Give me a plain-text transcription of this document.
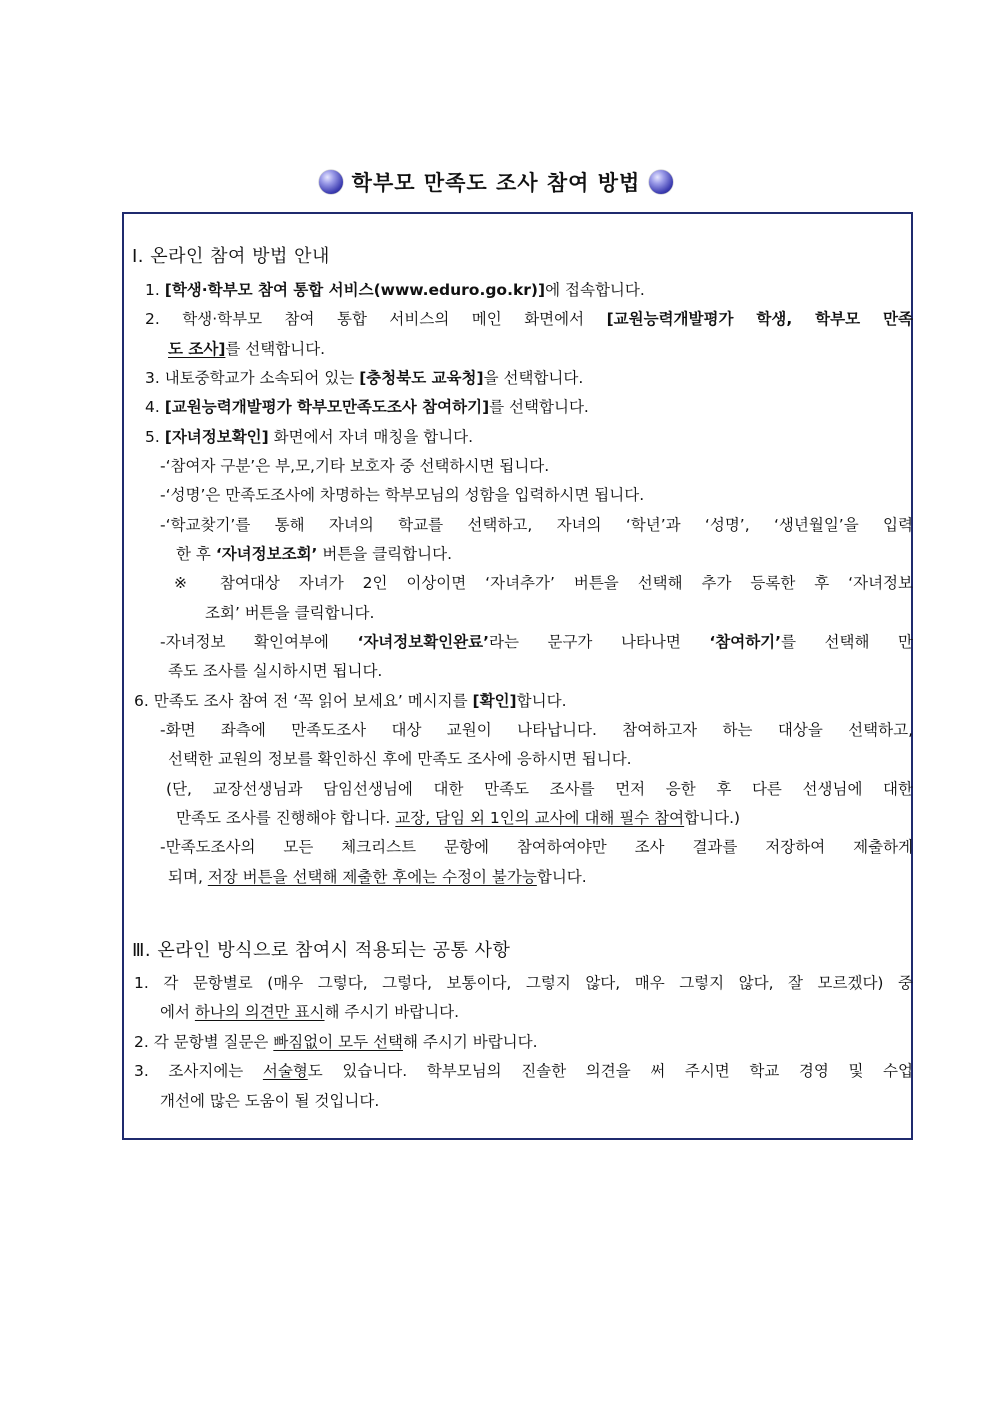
학부모 만족도 조사 참여 방법
Ⅰ. 온라인 참여 방법 안내
1. [학생·학부모 참여 통합 서비스(www.eduro.go.kr)]에 접속합니다.
2. 학생·학부모 참여 통합 서비스의 메인 화면에서 [교원능력개발평가 학생, 학부모 만족
도 조사]를 선택합니다.
3. 내토중학교가 소속되어 있는 [충청북도 교육청]을 선택합니다.
4. [교원능력개발평가 학부모만족도조사 참여하기]를 선택합니다.
5. [자녀정보확인] 화면에서 자녀 매칭을 합니다.
-‘참여자 구분’은 부,모,기타 보호자 중 선택하시면 됩니다.
-‘성명’은 만족도조사에 차명하는 학부모님의 성함을 입력하시면 됩니다.
-‘학교찾기’를 통해 자녀의 학교를 선택하고, 자녀의 ‘학년’과 ‘성명’, ‘생년월일’을 입력
한 후 ‘자녀정보조회’ 버튼을 클릭합니다.
※ 참여대상 자녀가 2인 이상이면 ‘자녀추가’ 버튼을 선택해 추가 등록한 후 ‘자녀정보
조회’ 버튼을 클릭합니다.
-자녀정보 확인여부에 ‘자녀정보확인완료’라는 문구가 나타나면 ‘참여하기’를 선택해 만
족도 조사를 실시하시면 됩니다.
6. 만족도 조사 참여 전 ‘꼭 읽어 보세요’ 메시지를 [확인]합니다.
-화면 좌측에 만족도조사 대상 교원이 나타납니다. 참여하고자 하는 대상을 선택하고,
선택한 교원의 정보를 확인하신 후에 만족도 조사에 응하시면 됩니다.
(단, 교장선생님과 담임선생님에 대한 만족도 조사를 먼저 응한 후 다른 선생님에 대한
만족도 조사를 진행해야 합니다. 교장, 담임 외 1인의 교사에 대해 필수 참여합니다.)
-만족도조사의 모든 체크리스트 문항에 참여하여야만 조사 결과를 저장하여 제출하게
되며, 저장 버튼을 선택해 제출한 후에는 수정이 불가능합니다.
Ⅲ. 온라인 방식으로 참여시 적용되는 공통 사항
1. 각 문항별로 (매우 그렇다, 그렇다, 보통이다, 그렇지 않다, 매우 그렇지 않다, 잘 모르겠다) 중
에서 하나의 의견만 표시해 주시기 바랍니다.
2. 각 문항별 질문은 빠짐없이 모두 선택해 주시기 바랍니다.
3. 조사지에는 서술형도 있습니다. 학부모님의 진솔한 의견을 써 주시면 학교 경영 및 수업
개선에 많은 도움이 될 것입니다.
